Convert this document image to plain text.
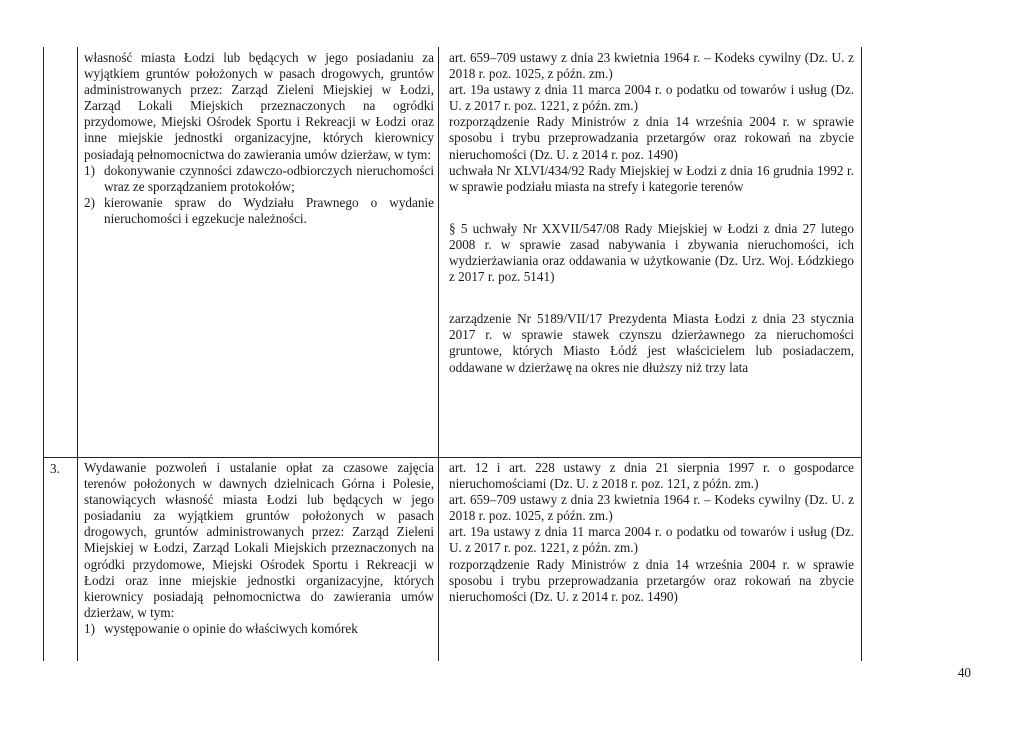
własność miasta Łodzi lub będących w jego posiadaniu za wyjątkiem gruntów położonych w pasach drogowych, gruntów administrowanych przez: Zarząd Zieleni Miejskiej w Łodzi, Zarząd Lokali Miejskich przeznaczonych na ogródki przydomowe, Miejski Ośrodek Sportu i Rekreacji w Łodzi oraz inne miejskie jednostki organizacyjne, których kierownicy posiadają pełnomocnictwa do zawierania umów dzierżaw, w tym:

1) dokonywanie czynności zdawczo-odbiorczych nieruchomości wraz ze sporządzaniem protokołów;
2) kierowanie spraw do Wydziału Prawnego o wydanie nieruchomości i egzekucje należności.

art. 659–709 ustawy z dnia 23 kwietnia 1964 r. – Kodeks cywilny (Dz. U. z 2018 r. poz. 1025, z późn. zm.)

art. 19a ustawy z dnia 11 marca 2004 r. o podatku od towarów i usług (Dz. U. z 2017 r. poz. 1221, z późn. zm.)

rozporządzenie Rady Ministrów z dnia 14 września 2004 r. w sprawie sposobu i trybu przeprowadzania przetargów oraz rokowań na zbycie nieruchomości (Dz. U. z 2014 r. poz. 1490)

uchwała Nr XLVI/434/92 Rady Miejskiej w Łodzi z dnia 16 grudnia 1992 r. w sprawie podziału miasta na strefy i kategorie terenów

§ 5 uchwały Nr XXVII/547/08 Rady Miejskiej w Łodzi z dnia 27 lutego 2008 r. w sprawie zasad nabywania i zbywania nieruchomości, ich wydzierżawiania oraz oddawania w użytkowanie (Dz. Urz. Woj. Łódzkiego z 2017 r. poz. 5141)

zarządzenie Nr 5189/VII/17 Prezydenta Miasta Łodzi z dnia 23 stycznia 2017 r. w sprawie stawek czynszu dzierżawnego za nieruchomości gruntowe, których Miasto Łódź jest właścicielem lub posiadaczem, oddawane w dzierżawę na okres nie dłuższy niż trzy lata

3. Wydawanie pozwoleń i ustalanie opłat za czasowe zajęcia terenów położonych w dawnych dzielnicach Górna i Polesie, stanowiących własność miasta Łodzi lub będących w jego posiadaniu za wyjątkiem gruntów położonych w pasach drogowych, gruntów administrowanych przez: Zarząd Zieleni Miejskiej w Łodzi, Zarząd Lokali Miejskich przeznaczonych na ogródki przydomowe, Miejski Ośrodek Sportu i Rekreacji w Łodzi oraz inne miejskie jednostki organizacyjne, których kierownicy posiadają pełnomocnictwa do zawierania umów dzierżaw, w tym:

1) występowanie o opinie do właściwych komórek

art. 12 i art. 228 ustawy z dnia 21 sierpnia 1997 r. o gospodarce nieruchomościami (Dz. U. z 2018 r. poz. 121, z późn. zm.)

art. 659–709 ustawy z dnia 23 kwietnia 1964 r. – Kodeks cywilny (Dz. U. z 2018 r. poz. 1025, z późn. zm.)

art. 19a ustawy z dnia 11 marca 2004 r. o podatku od towarów i usług (Dz. U. z 2017 r. poz. 1221, z późn. zm.)

rozporządzenie Rady Ministrów z dnia 14 września 2004 r. w sprawie sposobu i trybu przeprowadzania przetargów oraz rokowań na zbycie nieruchomości (Dz. U. z 2014 r. poz. 1490)

40
